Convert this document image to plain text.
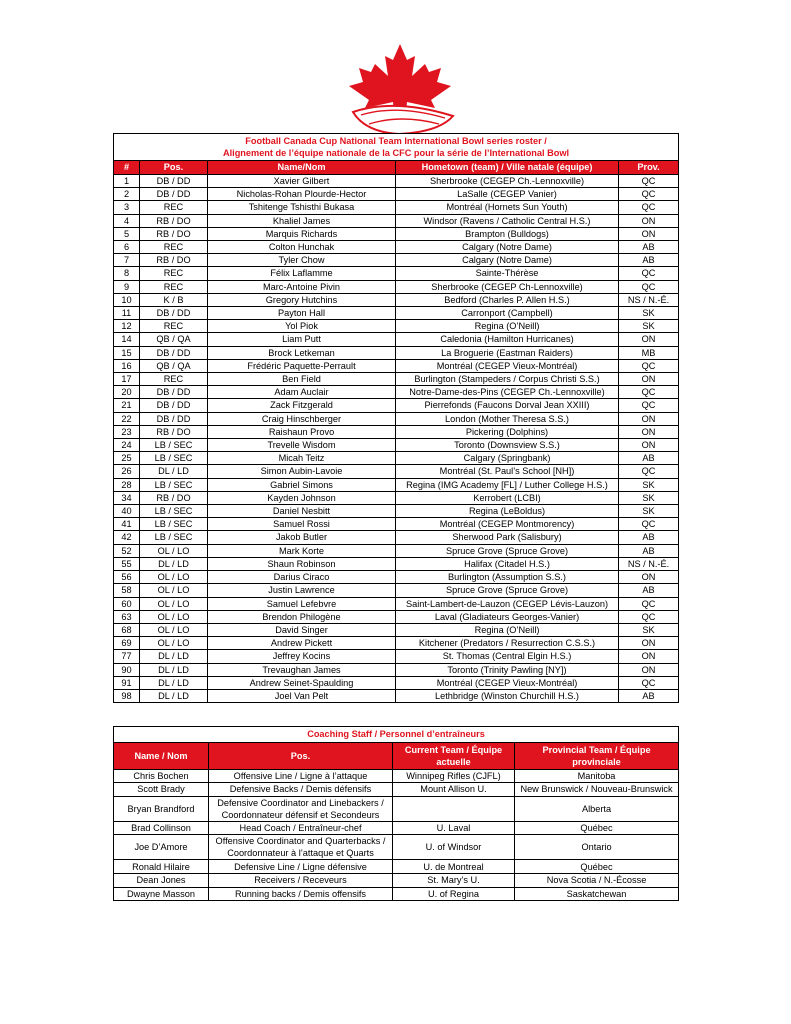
Football Canada Cup National Team International Bowl series roster /
Alignement de l’équipe nationale de la CFC pour la série de l’International Bowl				

#	Pos.	Name/Nom	Hometown (team) / Ville natale (équipe)	Prov.
1	DB / DD	Xavier Gilbert	Sherbrooke (CEGEP Ch.-Lennoxville)	QC
2	DB / DD	Nicholas-Rohan Plourde-Hector	LaSalle (CEGEP Vanier)	QC
3	REC	Tshitenge Tshisthi Bukasa	Montréal (Hornets Sun Youth)	QC
4	RB / DO	Khaliel James	Windsor (Ravens / Catholic Central H.S.)	ON
5	RB / DO	Marquis Richards	Brampton (Bulldogs)	ON
6	REC	Colton Hunchak	Calgary (Notre Dame)	AB
7	RB / DO	Tyler Chow	Calgary (Notre Dame)	AB
8	REC	Félix Laflamme	Sainte-Thérèse	QC
9	REC	Marc-Antoine Pivin	Sherbrooke (CEGEP Ch-Lennoxville)	QC
10	K / B	Gregory Hutchins	Bedford (Charles P. Allen H.S.)	NS / N.-É.
11	DB / DD	Payton Hall	Carronport (Campbell)	SK
12	REC	Yol Piok	Regina (O’Neill)	SK
14	QB / QA	Liam Putt	Caledonia (Hamilton Hurricanes)	ON
15	DB / DD	Brock Letkeman	La Broguerie (Eastman Raiders)	MB
16	QB / QA	Frédéric Paquette-Perrault	Montréal (CEGEP Vieux-Montréal)	QC
17	REC	Ben Field	Burlington (Stampeders / Corpus Christi S.S.)	ON
20	DB / DD	Adam Auclair	Notre-Dame-des-Pins (CEGEP Ch.-Lennoxville)	QC
21	DB / DD	Zack Fitzgerald	Pierrefonds (Faucons Dorval Jean XXIII)	QC
22	DB / DD	Craig Hinschberger	London (Mother Theresa S.S.)	ON
23	RB / DO	Raishaun Provo	Pickering (Dolphins)	ON
24	LB / SEC	Trevelle Wisdom	Toronto (Downsview S.S.)	ON
25	LB / SEC	Micah Teitz	Calgary (Springbank)	AB
26	DL / LD	Simon Aubin-Lavoie	Montréal (St. Paul’s School [NH])	QC
28	LB / SEC	Gabriel Simons	Regina (IMG Academy [FL] / Luther College H.S.)	SK
34	RB / DO	Kayden Johnson	Kerrobert (LCBI)	SK
40	LB / SEC	Daniel Nesbitt	Regina (LeBoldus)	SK
41	LB / SEC	Samuel Rossi	Montréal (CEGEP Montmorency)	QC
42	LB / SEC	Jakob Butler	Sherwood Park (Salisbury)	AB
52	OL / LO	Mark Korte	Spruce Grove (Spruce Grove)	AB
55	DL / LD	Shaun Robinson	Halifax (Citadel H.S.)	NS / N.-É.
56	OL / LO	Darius Ciraco	Burlington (Assumption S.S.)	ON
58	OL / LO	Justin Lawrence	Spruce Grove (Spruce Grove)	AB
60	OL / LO	Samuel Lefebvre	Saint-Lambert-de-Lauzon (CEGEP Lévis-Lauzon)	QC
63	OL / LO	Brendon Philogène	Laval (Gladiateurs Georges-Vanier)	QC
68	OL / LO	David Singer	Regina (O’Neill)	SK
69	OL / LO	Andrew Pickett	Kitchener (Predators / Resurrection C.S.S.)	ON
77	DL / LD	Jeffrey Kocins	St. Thomas (Central Elgin H.S.)	ON
90	DL / LD	Trevaughan James	Toronto (Trinity Pawling [NY])	ON
91	DL / LD	Andrew Seinet-Spaulding	Montréal (CEGEP Vieux-Montréal)	QC
98	DL / LD	Joel Van Pelt	Lethbridge (Winston Churchill H.S.)	AB
Coaching Staff / Personnel d’entraîneurs			
Name / Nom	Pos.	Current Team / Équipe actuelle	Provincial Team / Équipe provinciale
Chris Bochen	Offensive Line / Ligne à l’attaque	Winnipeg Rifles (CJFL)	Manitoba
Scott Brady	Defensive Backs / Demis défensifs	Mount Allison U.	New Brunswick / Nouveau-Brunswick
Bryan Brandford	Defensive Coordinator and Linebackers / Coordonnateur défensif et Secondeurs		Alberta
Brad Collinson	Head Coach / Entraîneur-chef	U. Laval	Québec
Joe D’Amore	Offensive Coordinator and Quarterbacks / Coordonnateur à l’attaque et Quarts	U. of Windsor	Ontario
Ronald Hilaire	Defensive Line / Ligne défensive	U. de Montreal	Québec
Dean Jones	Receivers / Receveurs	St. Mary’s U.	Nova Scotia / N.-Écosse
Dwayne Masson	Running backs / Demis offensifs	U. of Regina	Saskatchewan
